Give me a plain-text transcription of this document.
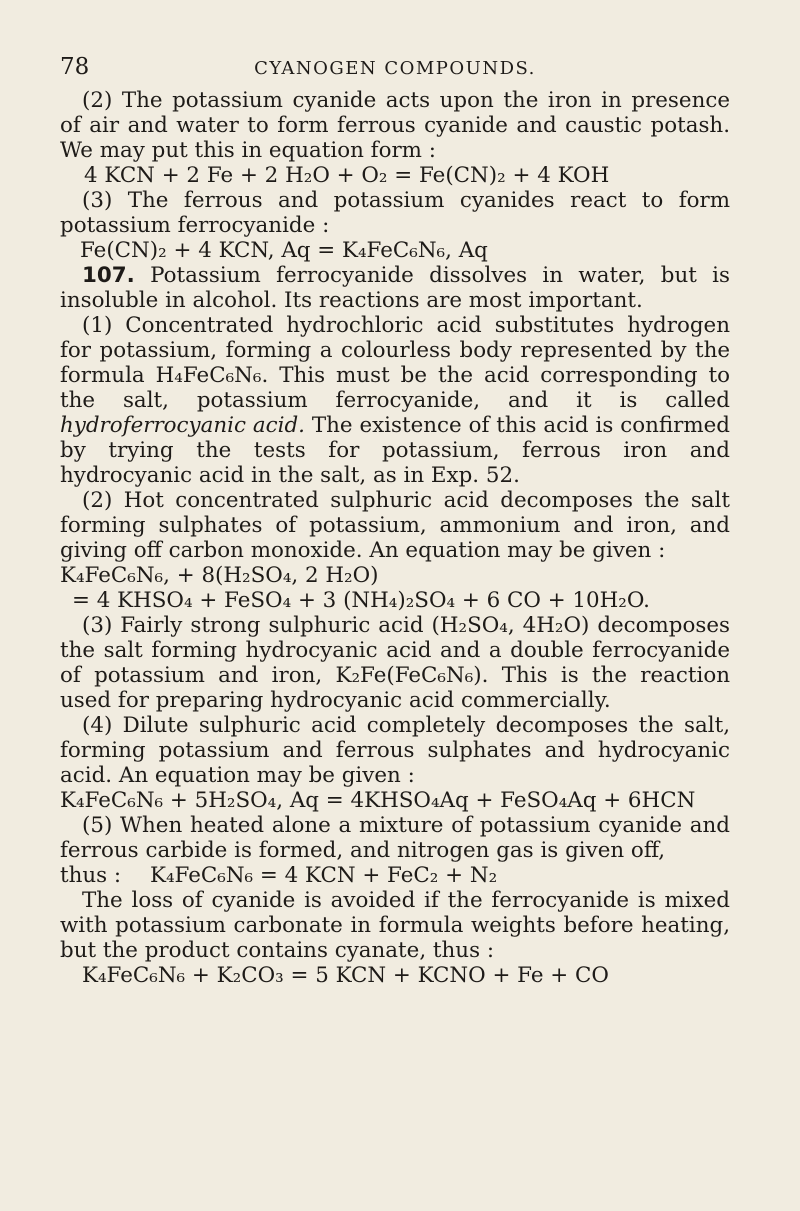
78	CYANOGEN COMPOUNDS.

(2) The potassium cyanide acts upon the iron in presence of air and water to form ferrous cyanide and caustic potash. We may put this in equation form :

4 KCN + 2 Fe + 2 H₂O + O₂ = Fe(CN)₂ + 4 KOH

(3) The ferrous and potassium cyanides react to form potassium ferrocyanide :

Fe(CN)₂ + 4 KCN, Aq = K₄FeC₆N₆, Aq

107. Potassium ferrocyanide dissolves in water, but is insoluble in alcohol. Its reactions are most important.

(1) Concentrated hydrochloric acid substitutes hydrogen for potassium, forming a colourless body represented by the formula H₄FeC₆N₆. This must be the acid corresponding to the salt, potassium ferrocyanide, and it is called hydroferrocyanic acid. The existence of this acid is confirmed by trying the tests for potassium, ferrous iron and hydrocyanic acid in the salt, as in Exp. 52.

(2) Hot concentrated sulphuric acid decomposes the salt forming sulphates of potassium, ammonium and iron, and giving off carbon monoxide. An equation may be given :

K₄FeC₆N₆, + 8(H₂SO₄, 2 H₂O)
= 4 KHSO₄ + FeSO₄ + 3 (NH₄)₂SO₄ + 6 CO + 10H₂O.

(3) Fairly strong sulphuric acid (H₂SO₄, 4H₂O) decomposes the salt forming hydrocyanic acid and a double ferrocyanide of potassium and iron, K₂Fe(FeC₆N₆). This is the reaction used for preparing hydrocyanic acid commercially.

(4) Dilute sulphuric acid completely decomposes the salt, forming potassium and ferrous sulphates and hydrocyanic acid. An equation may be given :

K₄FeC₆N₆ + 5H₂SO₄, Aq = 4KHSO₄Aq + FeSO₄Aq + 6HCN

(5) When heated alone a mixture of potassium cyanide and ferrous carbide is formed, and nitrogen gas is given off,

thus :	K₄FeC₆N₆ = 4 KCN + FeC₂ + N₂

The loss of cyanide is avoided if the ferrocyanide is mixed with potassium carbonate in formula weights before heating, but the product contains cyanate, thus :

K₄FeC₆N₆ + K₂CO₃ = 5 KCN + KCNO + Fe + CO
